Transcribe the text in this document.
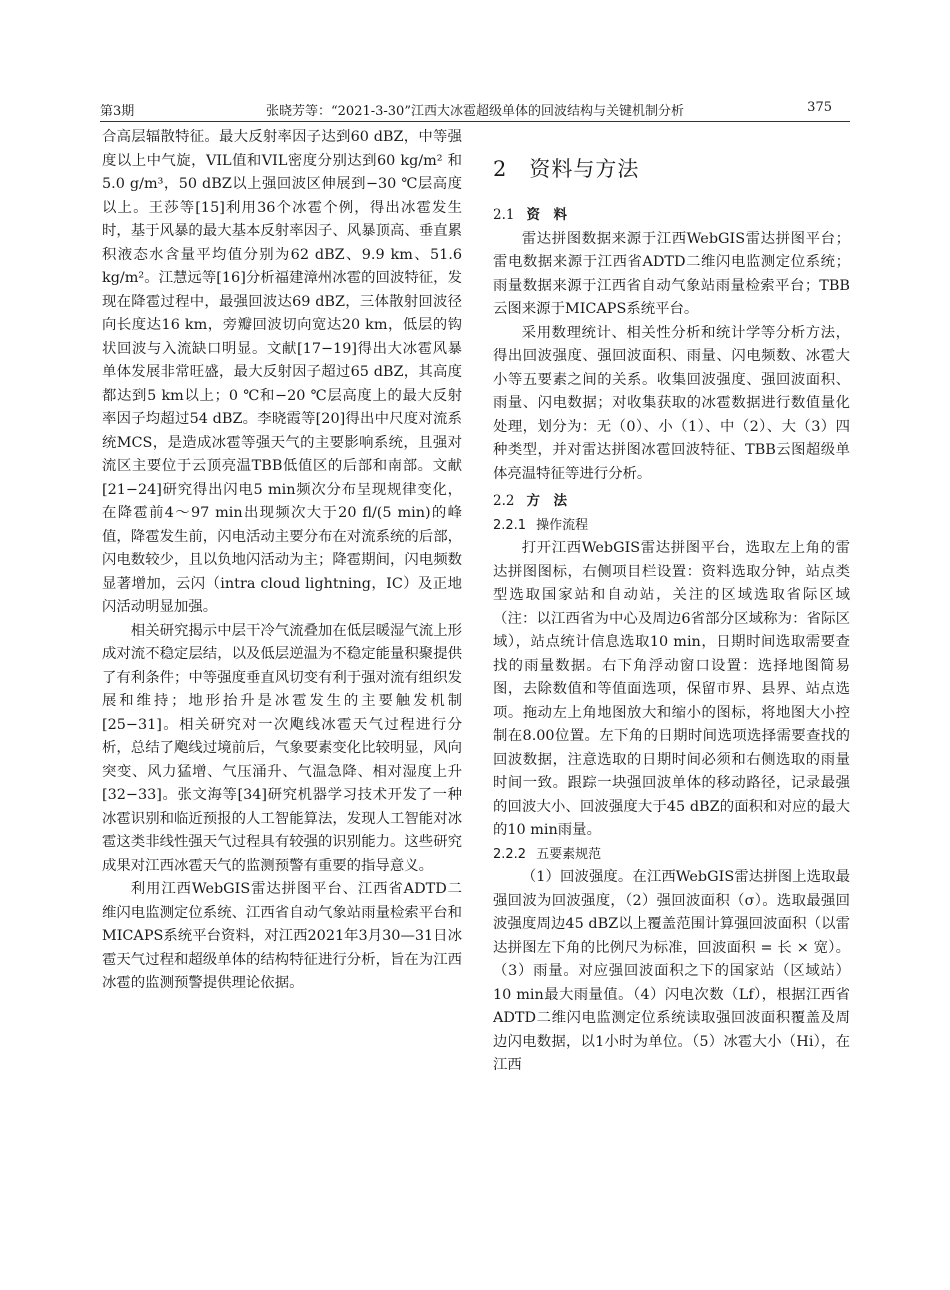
第3期	张晓芳等：“2021-3-30”江西大冰雹超级单体的回波结构与关键机制分析	375

合高层辐散特征。最大反射率因子达到60 dBZ，中等强度以上中气旋，VIL值和VIL密度分别达到60 kg/m² 和 5.0 g/m³，50 dBZ以上强回波区伸展到−30 ℃层高度以上。王莎等[15]利用36个冰雹个例，得出冰雹发生时，基于风暴的最大基本反射率因子、风暴顶高、垂直累积液态水含量平均值分别为62 dBZ、9.9 km、51.6 kg/m²。江慧远等[16]分析福建漳州冰雹的回波特征，发现在降雹过程中，最强回波达69 dBZ，三体散射回波径向长度达16 km，旁瓣回波切向宽达20 km，低层的钩状回波与入流缺口明显。文献[17−19]得出大冰雹风暴单体发展非常旺盛，最大反射因子超过65 dBZ，其高度都达到5 km以上；0 ℃和−20 ℃层高度上的最大反射率因子均超过54 dBZ。李晓霞等[20]得出中尺度对流系统MCS，是造成冰雹等强天气的主要影响系统，且强对流区主要位于云顶亮温TBB低值区的后部和南部。文献[21−24]研究得出闪电5 min频次分布呈现规律变化，在降雹前4～97 min出现频次大于20 fl/(5 min)的峰值，降雹发生前，闪电活动主要分布在对流系统的后部，闪电数较少，且以负地闪活动为主；降雹期间，闪电频数显著增加，云闪（intra cloud lightning，IC）及正地闪活动明显加强。

相关研究揭示中层干冷气流叠加在低层暖湿气流上形成对流不稳定层结，以及低层逆温为不稳定能量积聚提供了有利条件；中等强度垂直风切变有利于强对流有组织发展和维持；地形抬升是冰雹发生的主要触发机制[25−31]。相关研究对一次飑线冰雹天气过程进行分析，总结了飑线过境前后，气象要素变化比较明显，风向突变、风力猛增、气压涌升、气温急降、相对湿度上升[32−33]。张文海等[34]研究机器学习技术开发了一种冰雹识别和临近预报的人工智能算法，发现人工智能对冰雹这类非线性强天气过程具有较强的识别能力。这些研究成果对江西冰雹天气的监测预警有重要的指导意义。

利用江西WebGIS雷达拼图平台、江西省ADTD二维闪电监测定位系统、江西省自动气象站雨量检索平台和MICAPS系统平台资料，对江西2021年3月30—31日冰雹天气过程和超级单体的结构特征进行分析，旨在为江西冰雹的监测预警提供理论依据。

2　资料与方法
2.1 资　料

雷达拼图数据来源于江西WebGIS雷达拼图平台；雷电数据来源于江西省ADTD二维闪电监测定位系统；雨量数据来源于江西省自动气象站雨量检索平台；TBB云图来源于MICAPS系统平台。

采用数理统计、相关性分析和统计学等分析方法，得出回波强度、强回波面积、雨量、闪电频数、冰雹大小等五要素之间的关系。收集回波强度、强回波面积、雨量、闪电数据；对收集获取的冰雹数据进行数值量化处理，划分为：无（0）、小（1）、中（2）、大（3）四种类型，并对雷达拼图冰雹回波特征、TBB云图超级单体亮温特征等进行分析。

2.2 方　法
2.2.1 操作流程

打开江西WebGIS雷达拼图平台，选取左上角的雷达拼图图标，右侧项目栏设置：资料选取分钟，站点类型选取国家站和自动站，关注的区域选取省际区域（注：以江西省为中心及周边6省部分区域称为：省际区域），站点统计信息选取10 min，日期时间选取需要查找的雨量数据。右下角浮动窗口设置：选择地图简易图，去除数值和等值面选项，保留市界、县界、站点选项。拖动左上角地图放大和缩小的图标，将地图大小控制在8.00位置。左下角的日期时间选项选择需要查找的回波数据，注意选取的日期时间必须和右侧选取的雨量时间一致。跟踪一块强回波单体的移动路径，记录最强的回波大小、回波强度大于45 dBZ的面积和对应的最大的10 min雨量。

2.2.2 五要素规范

（1）回波强度。在江西WebGIS雷达拼图上选取最强回波为回波强度，（2）强回波面积（σ）。选取最强回波强度周边45 dBZ以上覆盖范围计算强回波面积（以雷达拼图左下角的比例尺为标准，回波面积 = 长 × 宽）。（3）雨量。对应强回波面积之下的国家站（区域站）10 min最大雨量值。（4）闪电次数（Lf），根据江西省ADTD二维闪电监测定位系统读取强回波面积覆盖及周边闪电数据，以1小时为单位。（5）冰雹大小（Hi），在江西
